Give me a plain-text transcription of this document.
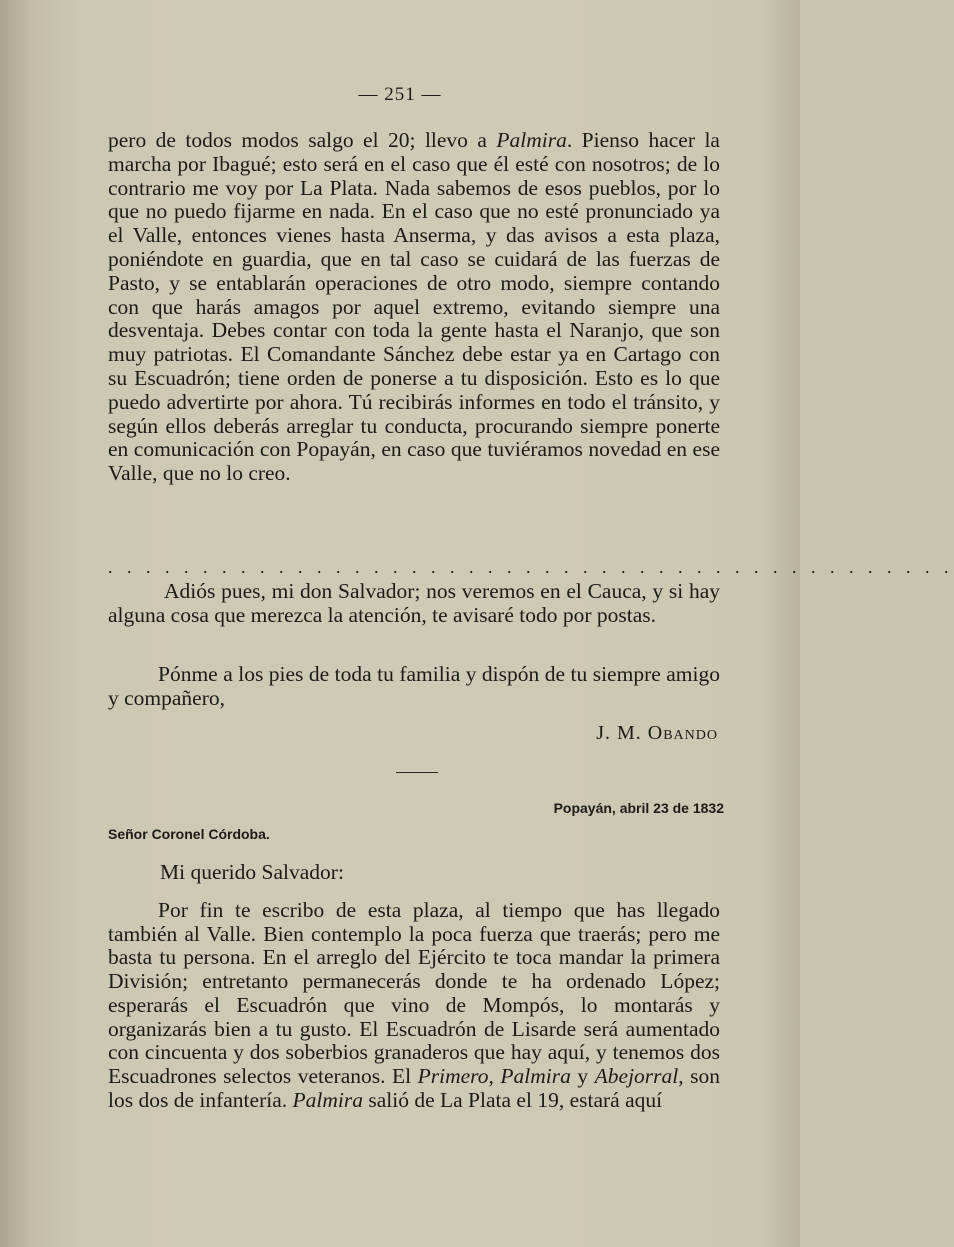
— 251 —
pero de todos modos salgo el 20; llevo a Palmira. Pienso hacer la marcha por Ibagué; esto será en el caso que él esté con nosotros; de lo contrario me voy por La Plata. Nada sabemos de esos pueblos, por lo que no puedo fijarme en nada. En el caso que no esté pronunciado ya el Valle, entonces vienes hasta Anserma, y das avisos a esta plaza, poniéndote en guardia, que en tal caso se cuidará de las fuerzas de Pasto, y se entablarán operaciones de otro modo, siempre contando con que harás amagos por aquel extremo, evitando siempre una desventaja. Debes contar con toda la gente hasta el Naranjo, que son muy patriotas. El Comandante Sánchez debe estar ya en Cartago con su Escuadrón; tiene orden de ponerse a tu disposición. Esto es lo que puedo advertirte por ahora. Tú recibirás informes en todo el tránsito, y según ellos deberás arreglar tu conducta, procurando siempre ponerte en comunicación con Popayán, en caso que tuviéramos novedad en ese Valle, que no lo creo.
. . . . . . . . . . . . . . . . . . . . . . . . . . . . . . . . . . . . . . . . . . . . .
Adiós pues, mi don Salvador; nos veremos en el Cauca, y si hay alguna cosa que merezca la atención, te avisaré todo por postas.
Pónme a los pies de toda tu familia y dispón de tu siempre amigo y compañero,
J. M. Obando
Popayán, abril 23 de 1832
Señor Coronel Córdoba.
Mi querido Salvador:
Por fin te escribo de esta plaza, al tiempo que has llegado también al Valle. Bien contemplo la poca fuerza que traerás; pero me basta tu persona. En el arreglo del Ejército te toca mandar la primera División; entretanto permanecerás donde te ha ordenado López; esperarás el Escuadrón que vino de Mompós, lo montarás y organizarás bien a tu gusto. El Escuadrón de Lisarde será aumentado con cincuenta y dos soberbios granaderos que hay aquí, y tenemos dos Escuadrones selectos veteranos. El Primero, Palmira y Abejorral, son los dos de infantería. Palmira salió de La Plata el 19, estará aquí
